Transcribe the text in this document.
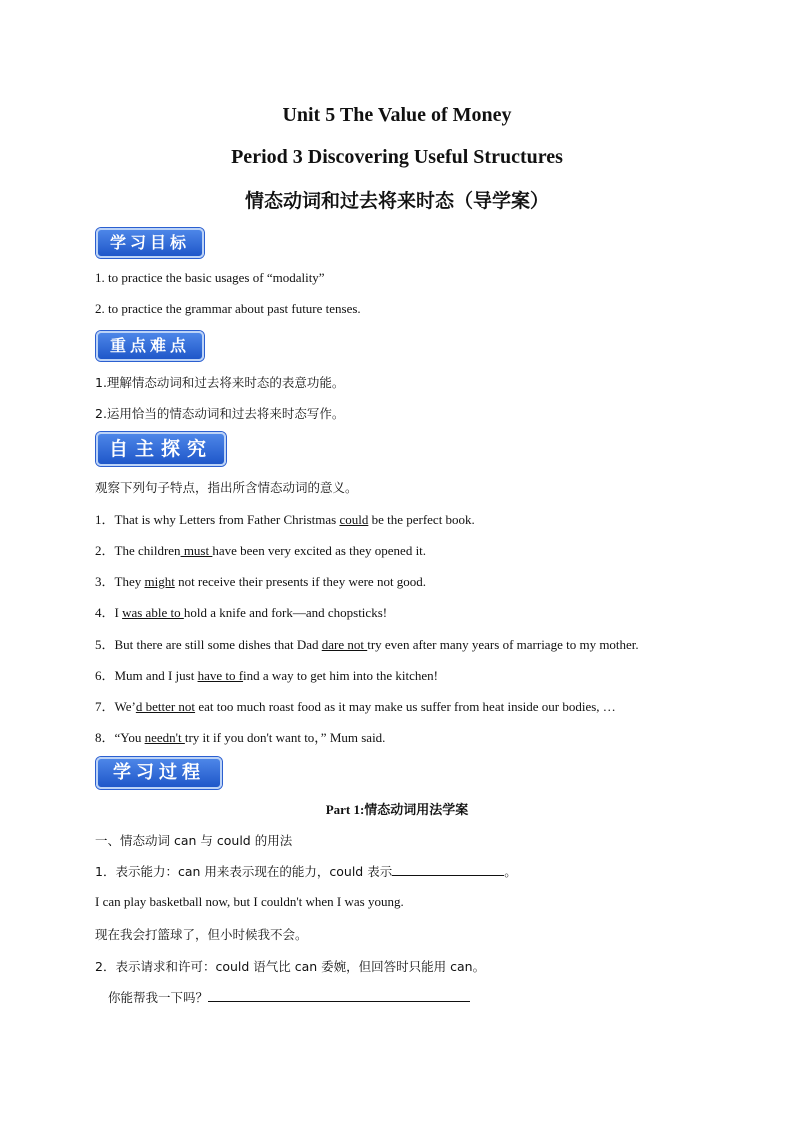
Unit 5 The Value of Money
Period 3 Discovering Useful Structures
情态动词和过去将来时态（导学案）
学习目标
1. to practice the basic usages of “modality”
2. to practice the grammar about past future tenses.
重点难点
1.理解情态动词和过去将来时态的表意功能。
2.运用恰当的情态动词和过去将来时态写作。
自主探究
观察下列句子特点，指出所含情态动词的意义。
1．That is why Letters from Father Christmas could be the perfect book.
2．The children must have been very excited as they opened it.
3．They might not receive their presents if they were not good.
4．I was able to hold a knife and fork—and chopsticks!
5．But there are still some dishes that Dad dare not try even after many years of marriage to my mother.
6．Mum and I just have to find a way to get him into the kitchen!
7．We’d better not eat too much roast food as it may make us suffer from heat inside our bodies, …
8．“You needn't try it if you don't want to，” Mum said.
学习过程
Part 1:情态动词用法学案
一、情态动词 can 与 could 的用法
1．表示能力：can 用来表示现在的能力，could 表示	。
I can play basketball now, but I couldn't when I was young.
现在我会打篮球了，但小时候我不会。
2．表示请求和许可：could 语气比 can 委婉，但回答时只能用 can。
你能帮我一下吗？
